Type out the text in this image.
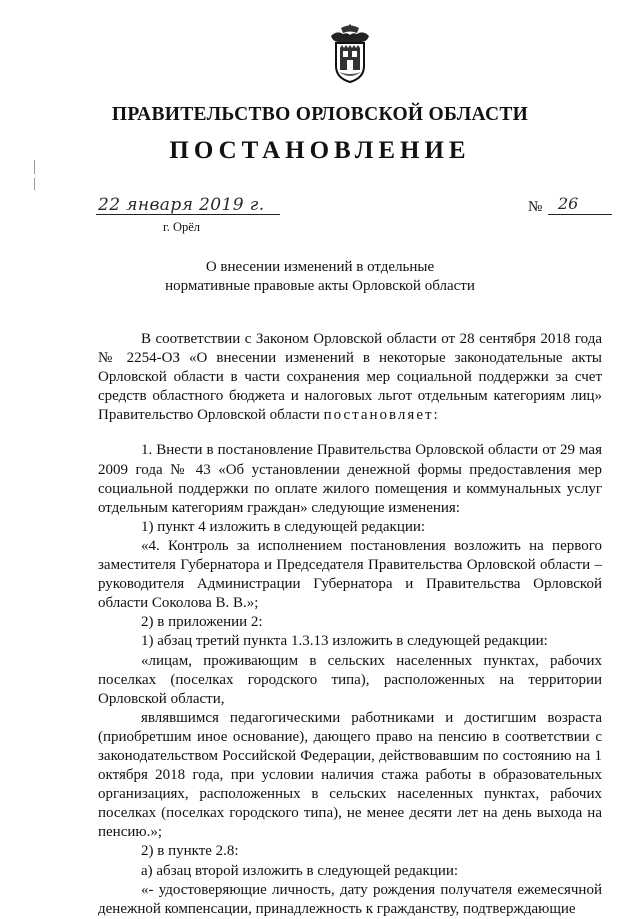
ПРАВИТЕЛЬСТВО ОРЛОВСКОЙ ОБЛАСТИ
ПОСТАНОВЛЕНИЕ
22 января 2019 г.
г. Орёл
№ 26
О внесении изменений в отдельные
нормативные правовые акты Орловской области

В соответствии с Законом Орловской области от 28 сентября 2018 года № 2254-ОЗ «О внесении изменений в некоторые законодательные акты Орловской области в части сохранения мер социальной поддержки за счет средств областного бюджета и налоговых льгот отдельным категориям лиц» Правительство Орловской области постановляет:

1. Внести в постановление Правительства Орловской области от 29 мая 2009 года № 43 «Об установлении денежной формы предоставления мер социальной поддержки по оплате жилого помещения и коммунальных услуг отдельным категориям граждан» следующие изменения:

1) пункт 4 изложить в следующей редакции:

«4. Контроль за исполнением постановления возложить на первого заместителя Губернатора и Председателя Правительства Орловской области – руководителя Администрации Губернатора и Правительства Орловской области Соколова В. В.»;

2) в приложении 2:

1) абзац третий пункта 1.3.13 изложить в следующей редакции:

«лицам, проживающим в сельских населенных пунктах, рабочих поселках (поселках городского типа), расположенных на территории Орловской области,

являвшимся педагогическими работниками и достигшим возраста (приобретшим иное основание), дающего право на пенсию в соответствии с законодательством Российской Федерации, действовавшим по состоянию на 1 октября 2018 года, при условии наличия стажа работы в образовательных организациях, расположенных в сельских населенных пунктах, рабочих поселках (поселках городского типа), не менее десяти лет на день выхода на пенсию.»;

2) в пункте 2.8:

а) абзац второй изложить в следующей редакции:

«- удостоверяющие личность, дату рождения получателя ежемесячной денежной компенсации, принадлежность к гражданству, подтверждающие
